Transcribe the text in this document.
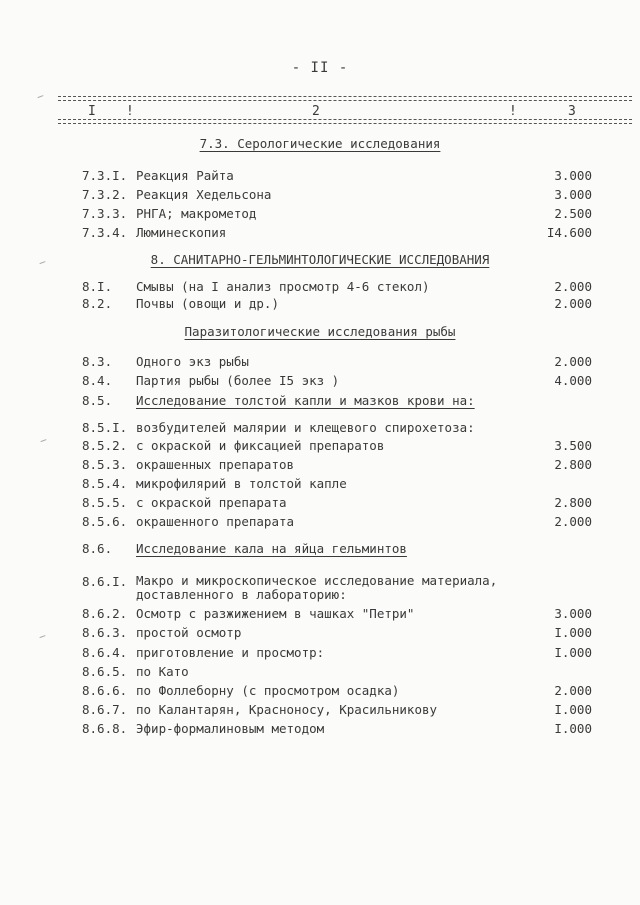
- II -
I !	2	!	3
7.3. Серологические исследования
7.3.I. Реакция Райта	3.000
7.3.2. Реакция Хедельсона	3.000
7.3.3. РНГА; макрометод	2.500
7.3.4. Люминескопия	I4.600
8. САНИТАРНО-ГЕЛЬМИНТОЛОГИЧЕСКИЕ ИССЛЕДОВАНИЯ
8.I. Смывы (на I анализ просмотр 4-6 стекол)	2.000
8.2. Почвы (овощи и др.)	2.000
Паразитологические исследования рыбы
8.3. Одного экз рыбы	2.000
8.4. Партия рыбы (более I5 экз )	4.000
8.5. Исследование толстой капли и мазков крови на:
8.5.I. возбудителей малярии и клещевого спирохетоза:
8.5.2. с окраской и фиксацией препаратов	3.500
8.5.3. окрашенных препаратов	2.800
8.5.4. микрофилярий в толстой капле
8.5.5. с окраской препарата	2.800
8.5.6. окрашенного препарата	2.000
8.6. Исследование кала на яйца гельминтов
8.6.I. Макро и микроскопическое исследование материала,
доставленного в лабораторию:
8.6.2. Осмотр с разжижением в чашках "Петри"	3.000
8.6.3. простой осмотр	I.000
8.6.4. приготовление и просмотр:	I.000
8.6.5. по Като
8.6.6. по Фоллеборну (с просмотром осадка)	2.000
8.6.7. по Калантарян, Красноносу, Красильникову	I.000
8.6.8. Эфир-формалиновым методом	I.000
